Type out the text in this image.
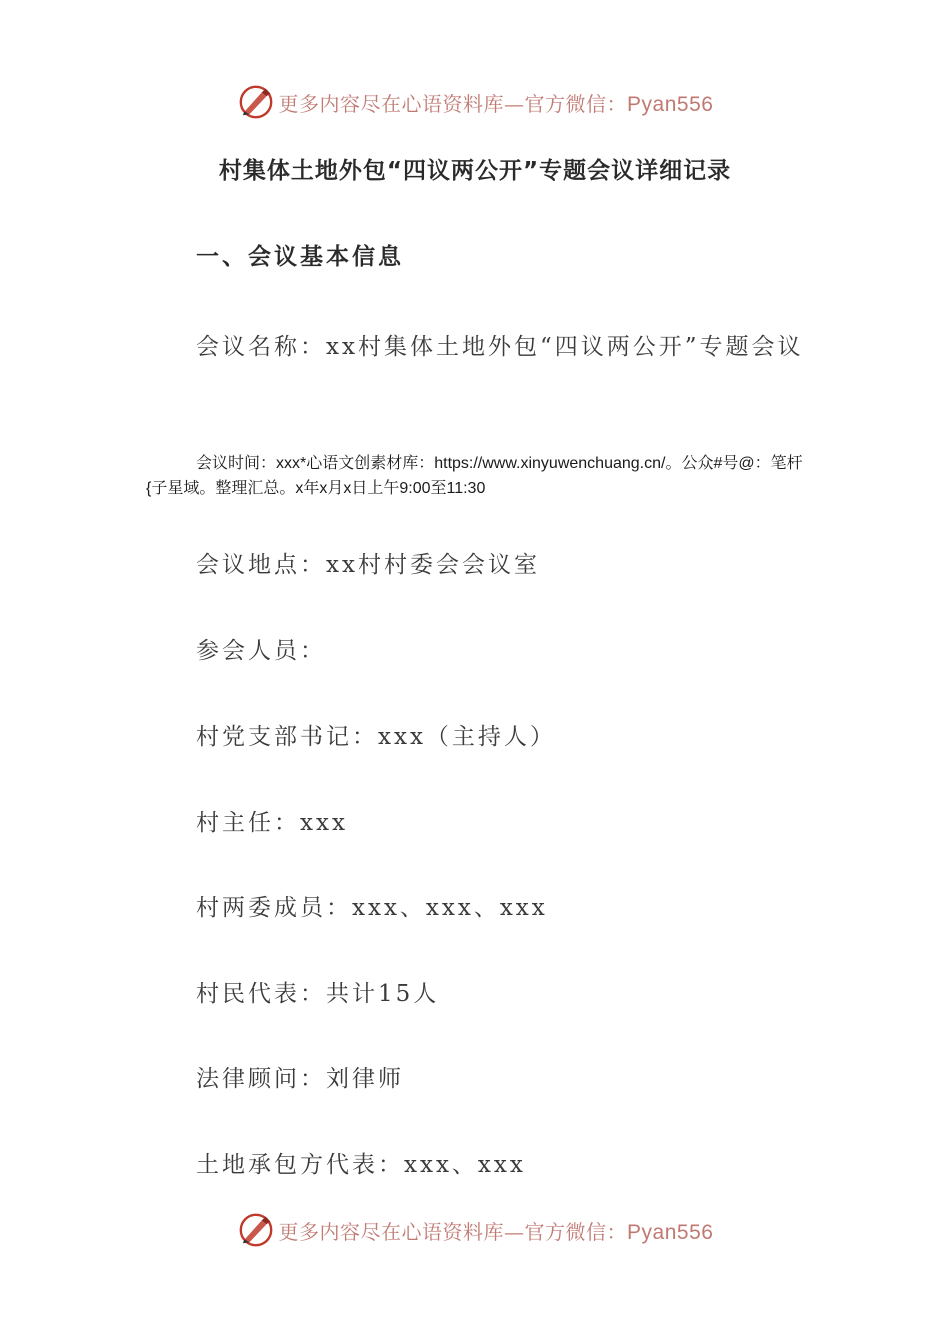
更多内容尽在心语资料库—官方微信：Pyan556
村集体土地外包“四议两公开”专题会议详细记录
一、会议基本信息
会议名称：xx村集体土地外包“四议两公开”专题会议
会议时间：xxx*心语文创素材库：https://www.xinyuwenchuang.cn/。公众#号@：笔杆{子星域。整理汇总。x年x月x日上午9:00至11:30
会议地点：xx村村委会会议室
参会人员：
村党支部书记：xxx（主持人）
村主任：xxx
村两委成员：xxx、xxx、xxx
村民代表：共计15人
法律顾问：刘律师
土地承包方代表：xxx、xxx
更多内容尽在心语资料库—官方微信：Pyan556
